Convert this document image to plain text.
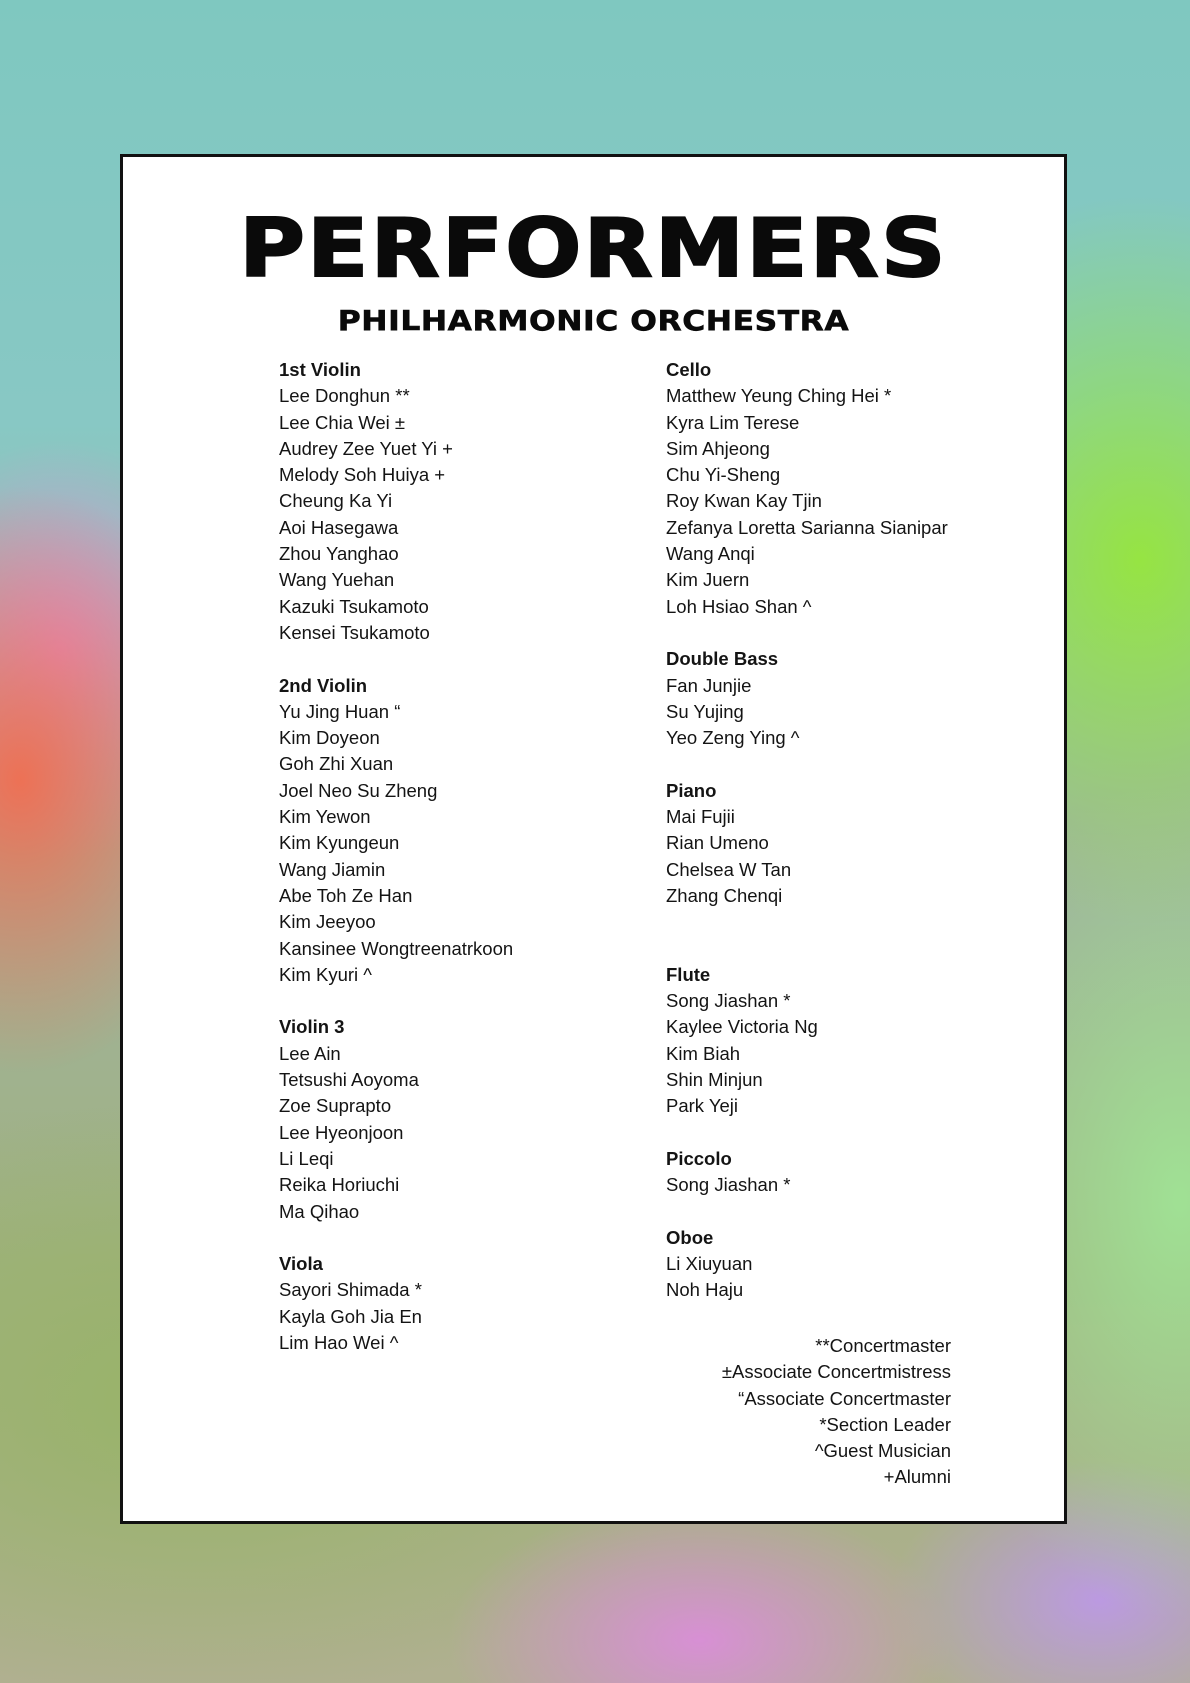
PERFORMERS
PHILHARMONIC ORCHESTRA
1st Violin
Lee Donghun **
Lee Chia Wei ±
Audrey Zee Yuet Yi +
Melody Soh Huiya +
Cheung Ka Yi
Aoi Hasegawa
Zhou Yanghao
Wang Yuehan
Kazuki Tsukamoto
Kensei Tsukamoto
2nd Violin
Yu Jing Huan “
Kim Doyeon
Goh Zhi Xuan
Joel Neo Su Zheng
Kim Yewon
Kim Kyungeun
Wang Jiamin
Abe Toh Ze Han
Kim Jeeyoo
Kansinee Wongtreenatrkoon
Kim Kyuri ^
Violin 3
Lee Ain
Tetsushi Aoyoma
Zoe Suprapto
Lee Hyeonjoon
Li Leqi
Reika Horiuchi
Ma Qihao
Viola
Sayori Shimada *
Kayla Goh Jia En
Lim Hao Wei ^
Cello
Matthew Yeung Ching Hei *
Kyra Lim Terese
Sim Ahjeong
Chu Yi-Sheng
Roy Kwan Kay Tjin
Zefanya Loretta Sarianna Sianipar
Wang Anqi
Kim Juern
Loh Hsiao Shan ^
Double Bass
Fan Junjie
Su Yujing
Yeo Zeng Ying ^
Piano
Mai Fujii
Rian Umeno
Chelsea W Tan
Zhang Chenqi
Flute
Song Jiashan *
Kaylee Victoria Ng
Kim Biah
Shin Minjun
Park Yeji
Piccolo
Song Jiashan *
Oboe
Li Xiuyuan
Noh Haju
**Concertmaster
±Associate Concertmistress
“Associate Concertmaster
*Section Leader
^Guest Musician
+Alumni
